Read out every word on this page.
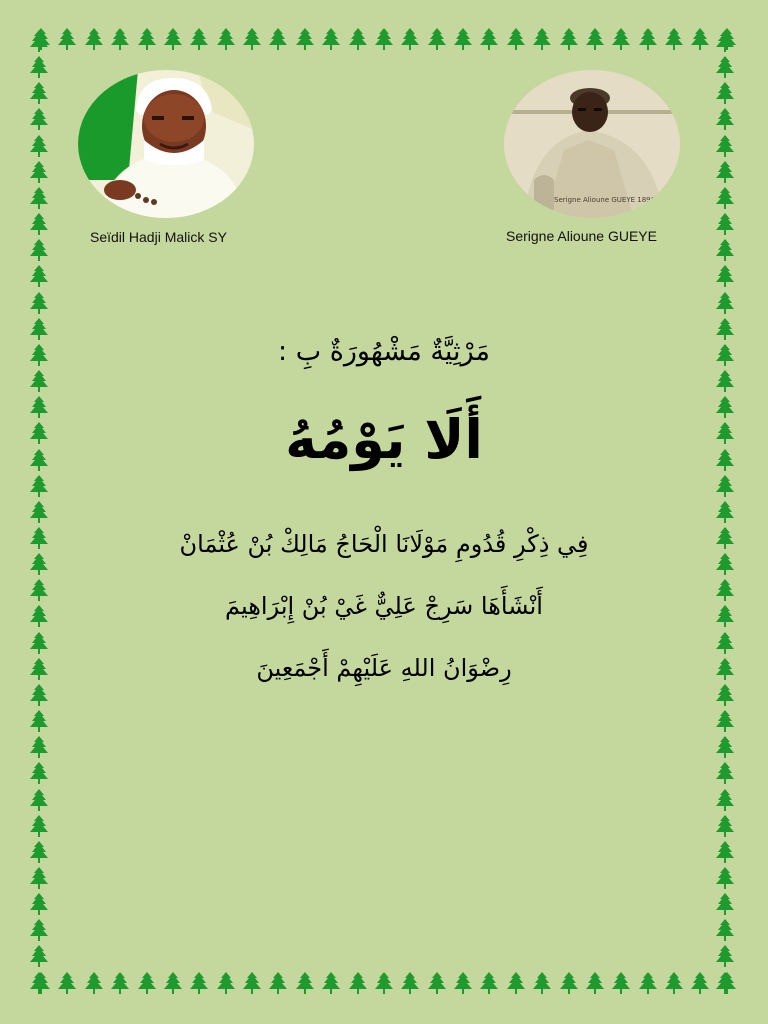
Seïdil Hadji Malick SY
Serigne Alioune GUEYE 1896 - 1958
Serigne Alioune GUEYE
مَرْثِيَّةٌ مَشْهُورَةٌ بِ :
أَلَا يَوْمُهُ
فِي ذِكْرِ قُدُومِ مَوْلَانَا الْحَاجُ مَالِكْ بُنْ عُثْمَانْ
أَنْشَأَهَا سَرِجْ عَلِيٌّ غَيْ بُنْ إِبْرَاهِيمَ
رِضْوَانُ اللهِ عَلَيْهِمْ أَجْمَعِينَ
